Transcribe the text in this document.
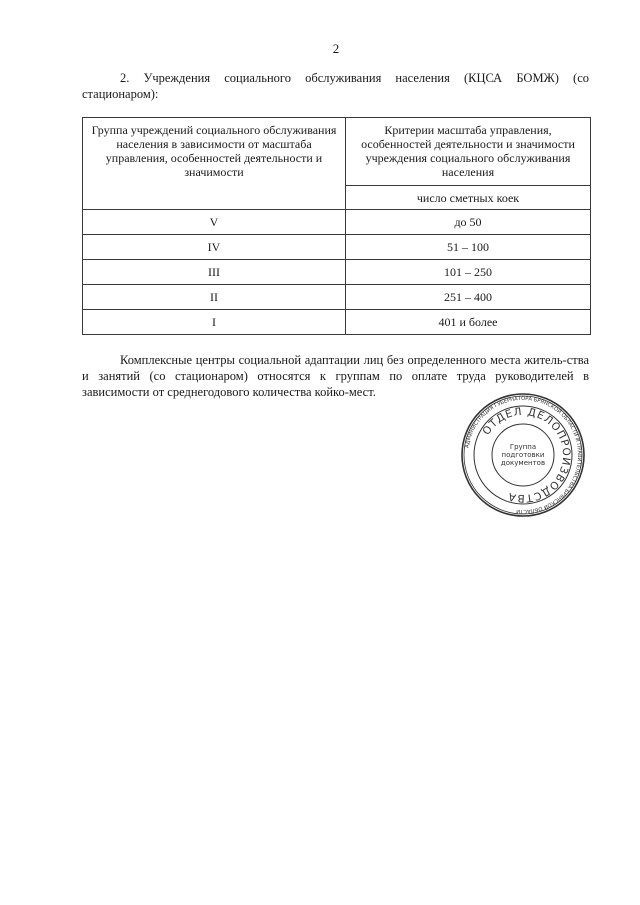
2

2. Учреждения социального обслуживания населения (КЦСА БОМЖ) (со стационаром):

Группа учреждений социального обслуживания населения в зависимости от масштаба управления, особенностей деятельности и значимости	Критерии масштаба управления, особенностей деятельности и значимости учреждения социального обслуживания населения
	число сметных коек
V	до 50
IV	51 – 100
III	101 – 250
II	251 – 400
I	401 и более

Комплексные центры социальной адаптации лиц без определенного места житель-ства и занятий (со стационаром) относятся к группам по оплате труда руководителей в зависимости от среднегодового количества койко-мест.

АДМИНИСТРАЦИЯ ГУБЕРНАТОРА БРЯНСКОЙ ОБЛАСТИ И ПРАВИТЕЛЬСТВА БРЯНСКОЙ ОБЛАСТИ
ОТДЕЛ ДЕЛОПРОИЗВОДСТВА
Группа
подготовки
документов
